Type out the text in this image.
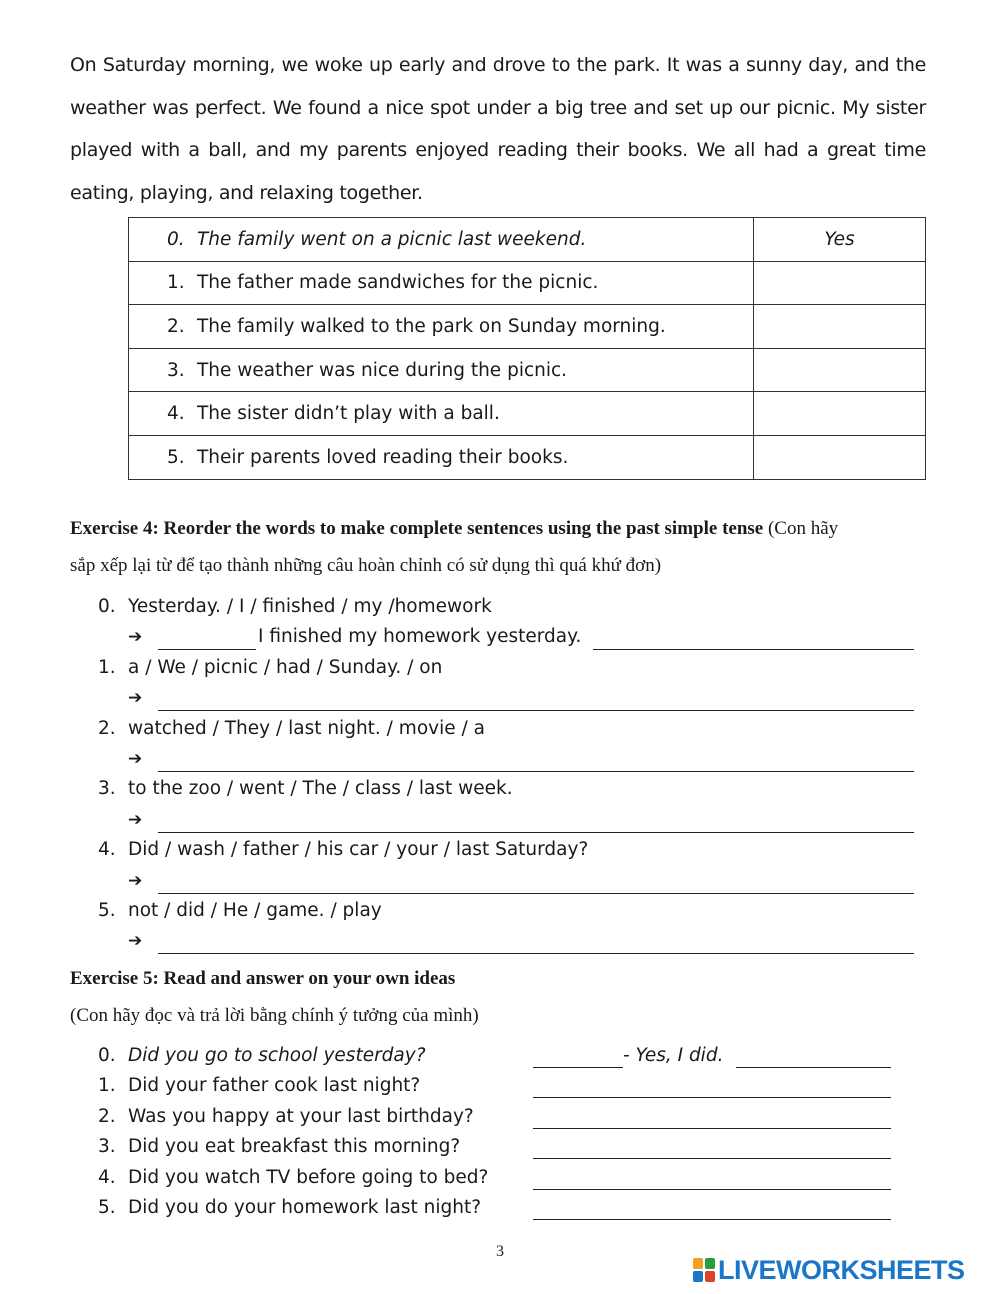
On Saturday morning, we woke up early and drove to the park. It was a sunny day, and the weather was perfect. We found a nice spot under a big tree and set up our picnic. My sister played with a ball, and my parents enjoyed reading their books. We all had a great time eating, playing, and relaxing together.
0. The family went on a picnic last weekend.	Yes
1. The father made sandwiches for the picnic.	
2. The family walked to the park on Sunday morning.	
3. The weather was nice during the picnic.	
4. The sister didn’t play with a ball.	
5. Their parents loved reading their books.	
Exercise 4: Reorder the words to make complete sentences using the past simple tense (Con hãy
sắp xếp lại từ để tạo thành những câu hoàn chỉnh có sử dụng thì quá khứ đơn)
0. Yesterday. / I / finished / my /homework
➔	I finished my homework yesterday.
1. a / We / picnic / had / Sunday. / on
➔
2. watched / They / last night. / movie / a
➔
3. to the zoo / went / The / class / last week.
➔
4. Did / wash / father / his car / your / last Saturday?
➔
5. not / did / He / game. / play
➔
Exercise 5: Read and answer on your own ideas
(Con hãy đọc và trả lời bằng chính ý tưởng của mình)
0. Did you go to school yesterday?	- Yes, I did.
1. Did your father cook last night?
2. Was you happy at your last birthday?
3. Did you eat breakfast this morning?
4. Did you watch TV before going to bed?
5. Did you do your homework last night?
3
LIVEWORKSHEETS
